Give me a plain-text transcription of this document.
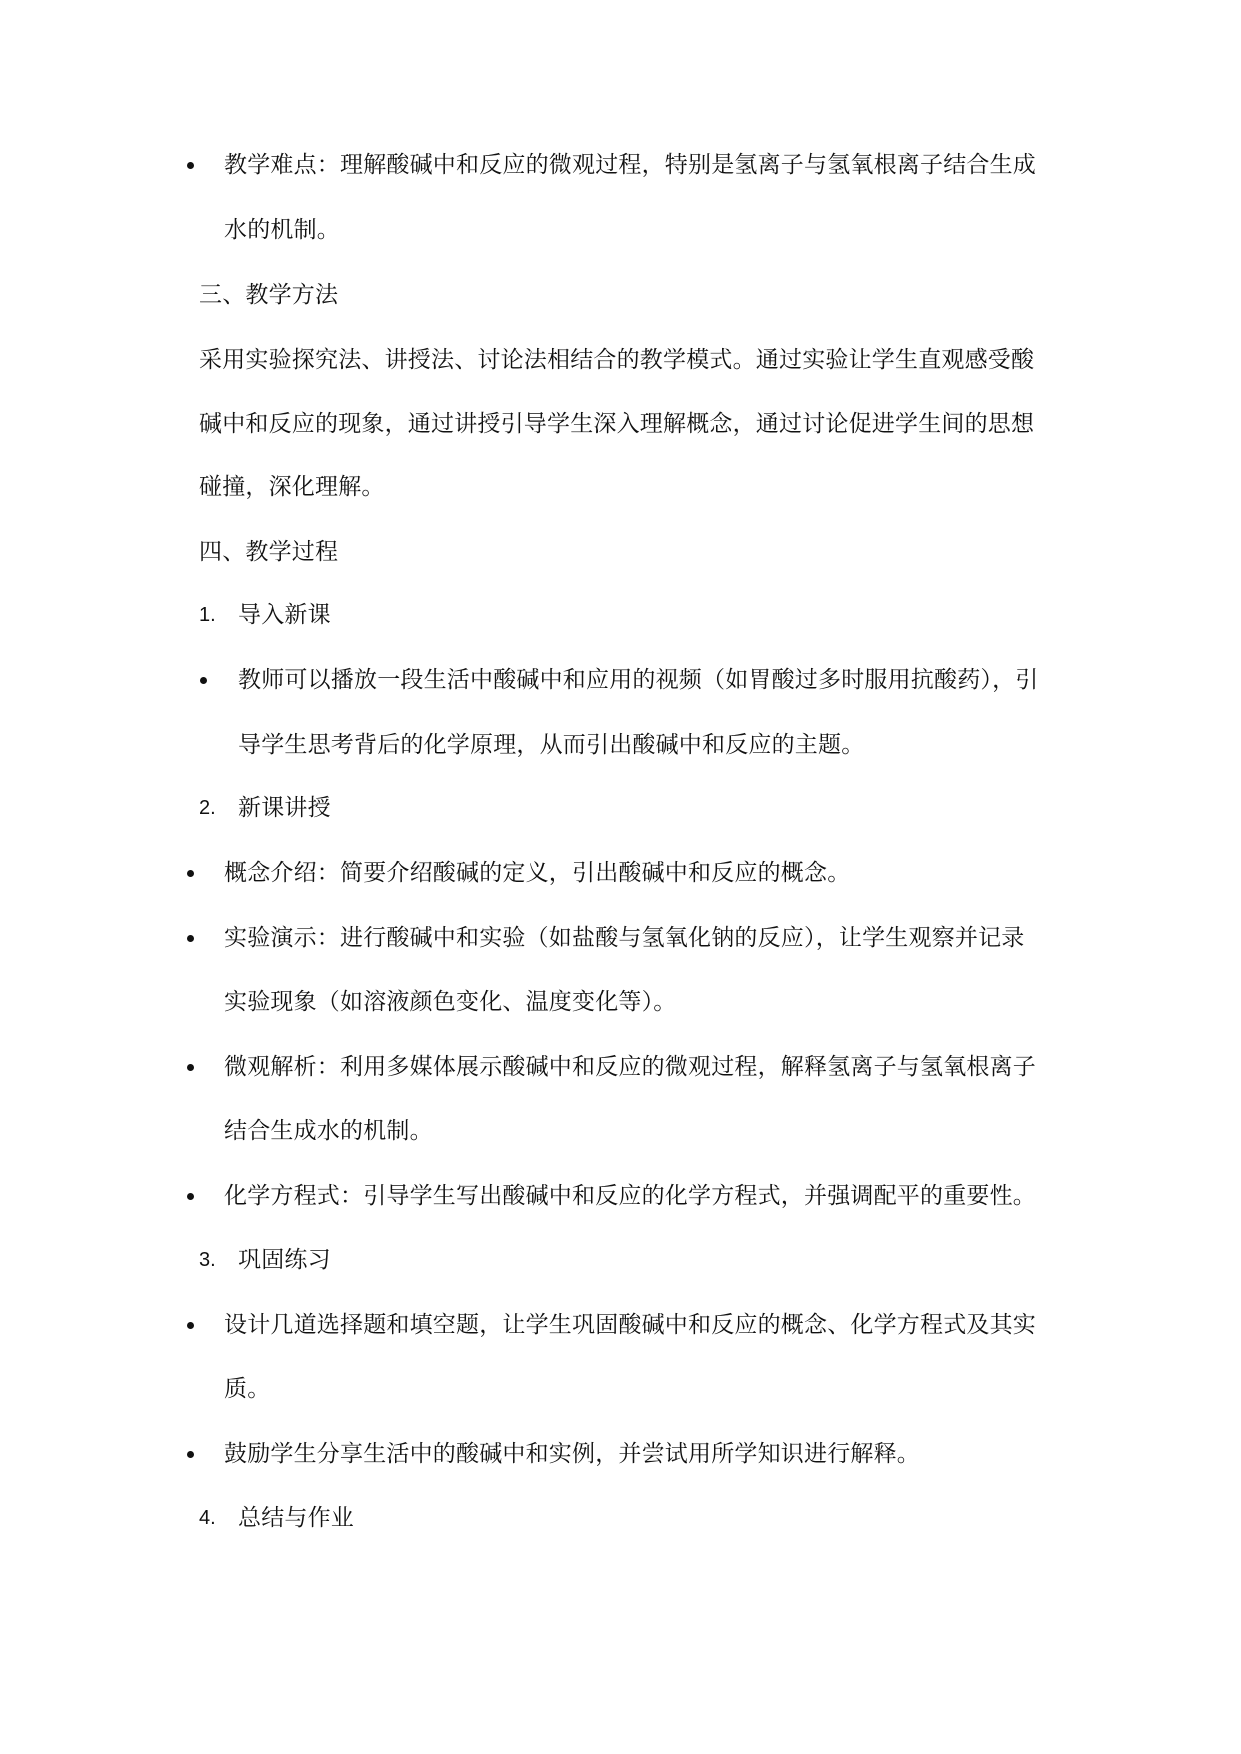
教学难点：理解酸碱中和反应的微观过程，特别是氢离子与氢氧根离子结合生成
水的机制。
三、教学方法
采用实验探究法、讲授法、讨论法相结合的教学模式。通过实验让学生直观感受酸
碱中和反应的现象，通过讲授引导学生深入理解概念，通过讨论促进学生间的思想
碰撞，深化理解。
四、教学过程
1. 导入新课
教师可以播放一段生活中酸碱中和应用的视频（如胃酸过多时服用抗酸药），引
导学生思考背后的化学原理，从而引出酸碱中和反应的主题。
2. 新课讲授
概念介绍：简要介绍酸碱的定义，引出酸碱中和反应的概念。
实验演示：进行酸碱中和实验（如盐酸与氢氧化钠的反应），让学生观察并记录
实验现象（如溶液颜色变化、温度变化等）。
微观解析：利用多媒体展示酸碱中和反应的微观过程，解释氢离子与氢氧根离子
结合生成水的机制。
化学方程式：引导学生写出酸碱中和反应的化学方程式，并强调配平的重要性。
3. 巩固练习
设计几道选择题和填空题，让学生巩固酸碱中和反应的概念、化学方程式及其实
质。
鼓励学生分享生活中的酸碱中和实例，并尝试用所学知识进行解释。
4. 总结与作业
